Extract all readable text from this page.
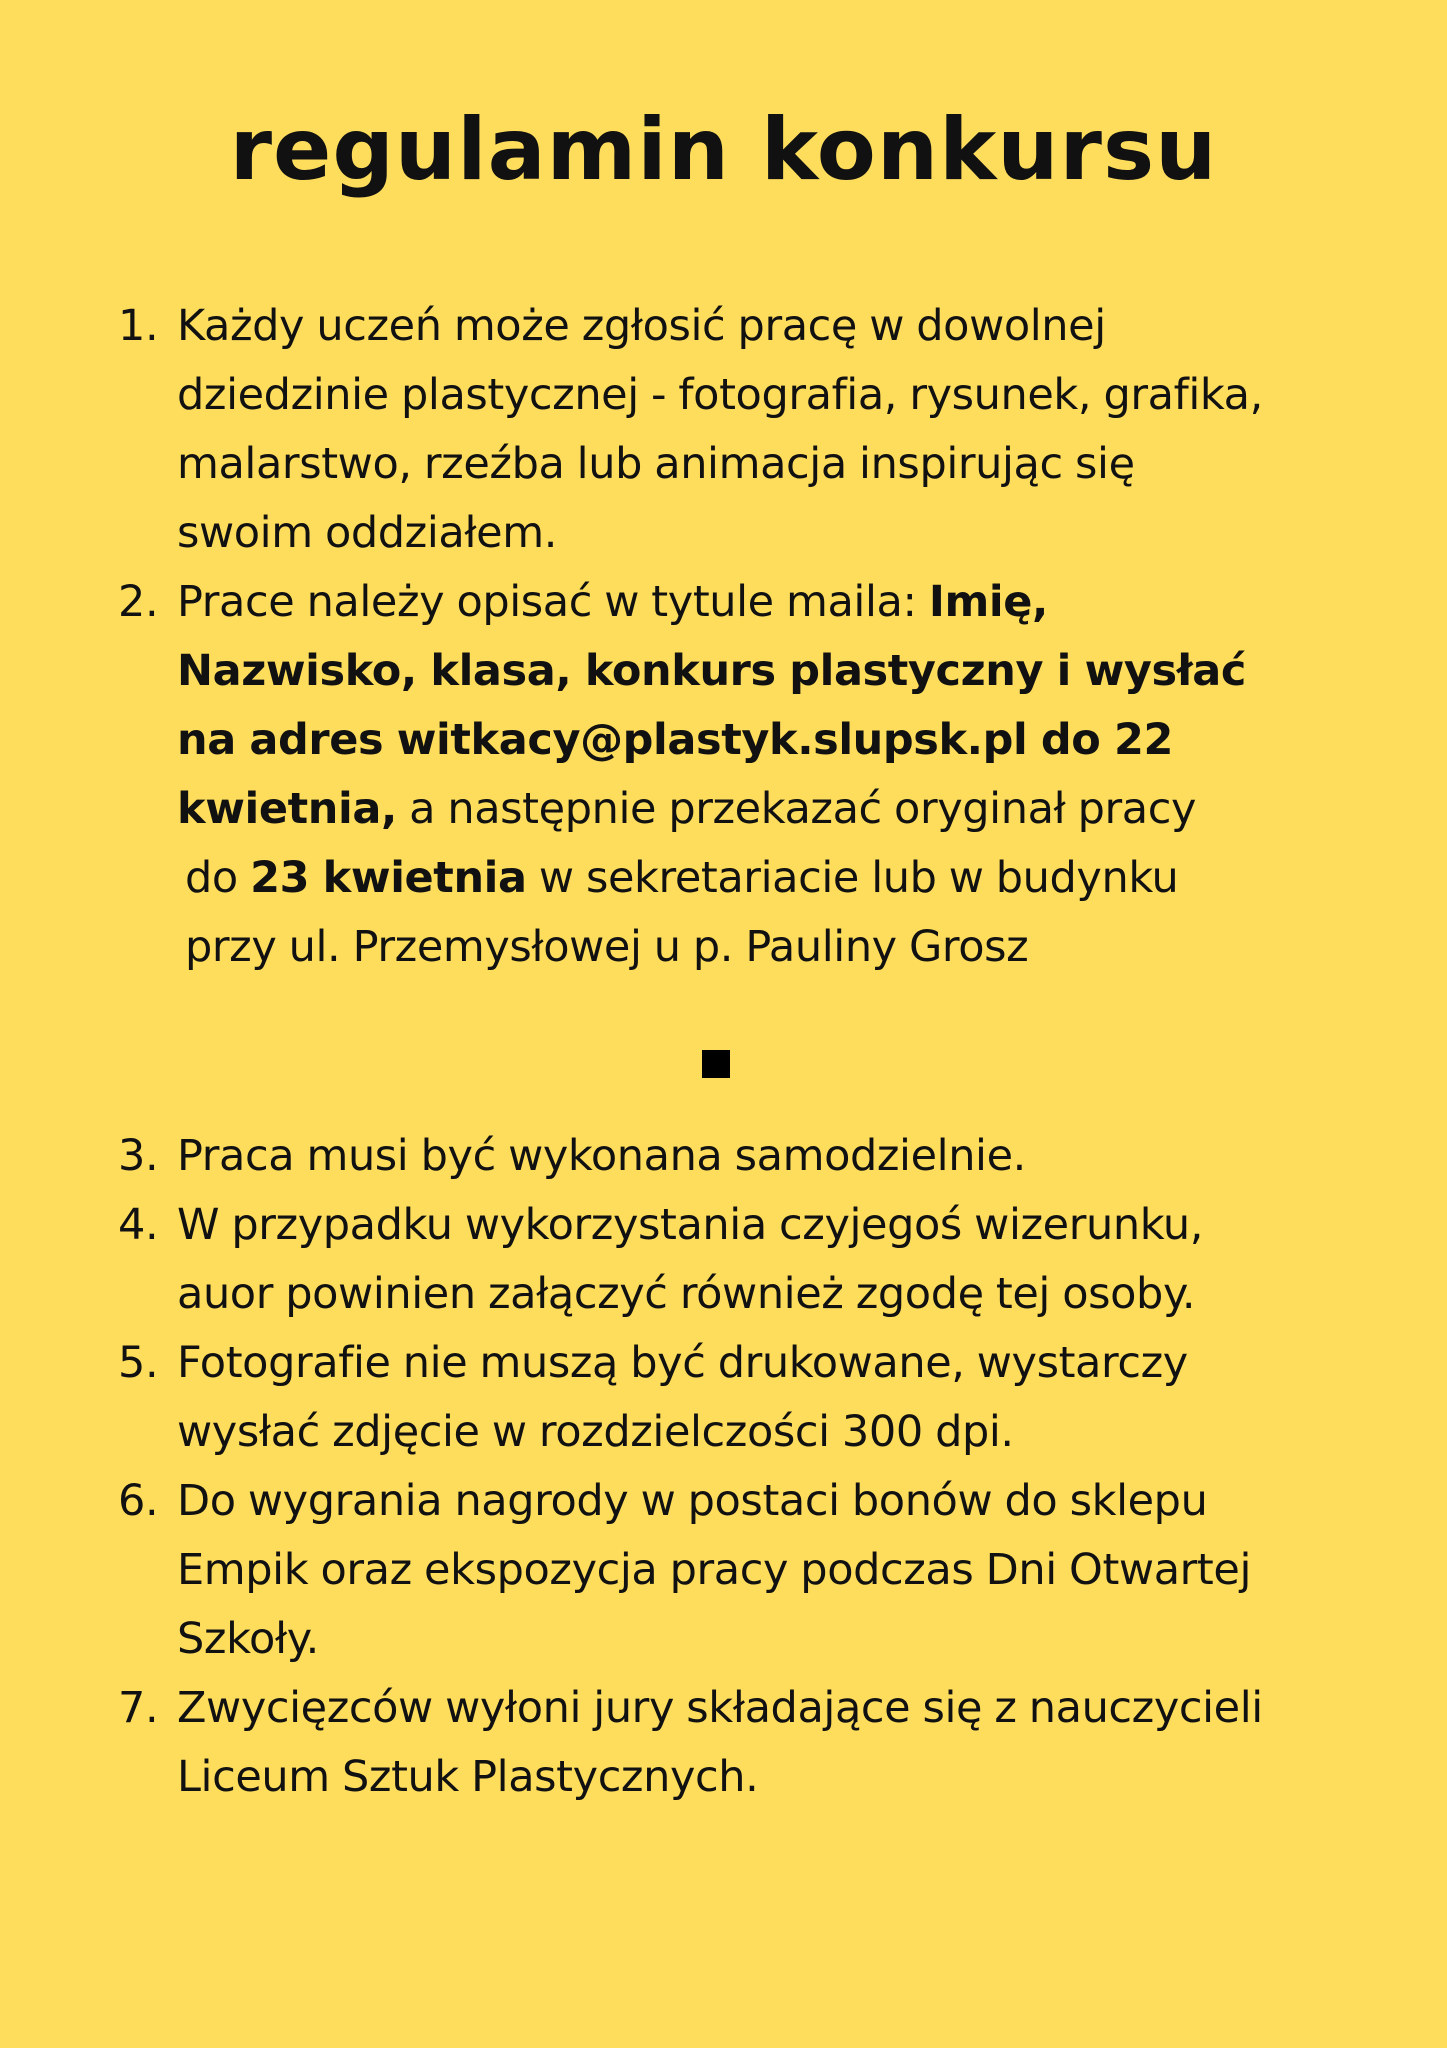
regulamin konkursu
1. Każdy uczeń może zgłosić pracę w dowolnej
dziedzinie plastycznej - fotografia, rysunek, grafika,
malarstwo, rzeźba lub animacja inspirując się
swoim oddziałem.
2. Prace należy opisać w tytule maila: Imię,
Nazwisko, klasa, konkurs plastyczny i wysłać
na adres witkacy@plastyk.slupsk.pl do 22
kwietnia, a następnie przekazać oryginał pracy
do 23 kwietnia w sekretariacie lub w budynku
przy ul. Przemysłowej u p. Pauliny Grosz
3. Praca musi być wykonana samodzielnie.
4. W przypadku wykorzystania czyjegoś wizerunku,
auor powinien załączyć również zgodę tej osoby.
5. Fotografie nie muszą być drukowane, wystarczy
wysłać zdjęcie w rozdzielczości 300 dpi.
6. Do wygrania nagrody w postaci bonów do sklepu
Empik oraz ekspozycja pracy podczas Dni Otwartej
Szkoły.
7. Zwycięzców wyłoni jury składające się z nauczycieli
Liceum Sztuk Plastycznych.
